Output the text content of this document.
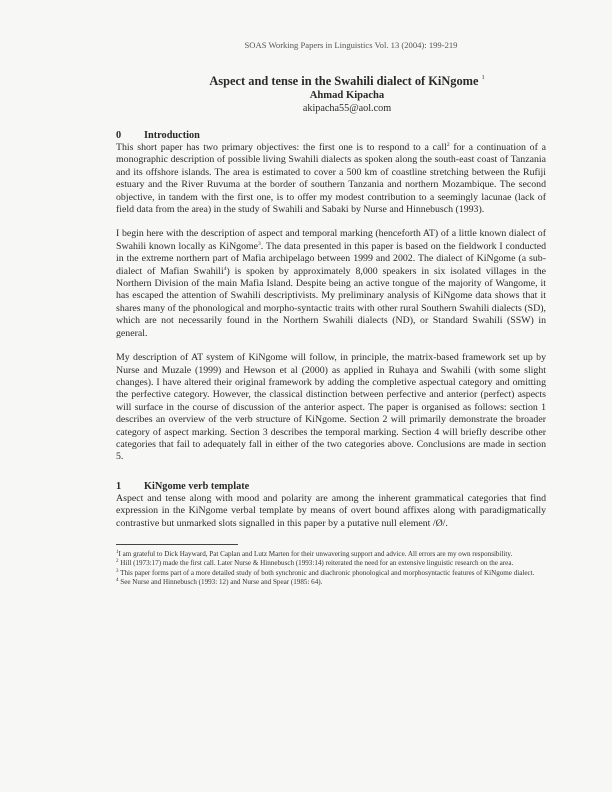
SOAS Working Papers in Linguistics Vol. 13 (2004): 199-219

Aspect and tense in the Swahili dialect of KiNgome $^1$

Ahmad Kipacha

akipacha55@aol.com

0	Introduction

This short paper has two primary objectives: the first one is to respond to a call$^2$ for a continuation of a monographic description of possible living Swahili dialects as spoken along the south-east coast of Tanzania and its offshore islands. The area is estimated to cover a 500 km of coastline stretching between the Rufiji estuary and the River Ruvuma at the border of southern Tanzania and northern Mozambique. The second objective, in tandem with the first one, is to offer my modest contribution to a seemingly lacunae (lack of field data from the area) in the study of Swahili and Sabaki by Nurse and Hinnebusch (1993).

I begin here with the description of aspect and temporal marking (henceforth AT) of a little known dialect of Swahili known locally as KiNgome$^3$. The data presented in this paper is based on the fieldwork I conducted in the extreme northern part of Mafia archipelago between 1999 and 2002. The dialect of KiNgome (a sub-dialect of Mafian Swahili$^4$) is spoken by approximately 8,000 speakers in six isolated villages in the Northern Division of the main Mafia Island. Despite being an active tongue of the majority of Wangome, it has escaped the attention of Swahili descriptivists. My preliminary analysis of KiNgome data shows that it shares many of the phonological and morpho-syntactic traits with other rural Southern Swahili dialects (SD), which are not necessarily found in the Northern Swahili dialects (ND), or Standard Swahili (SSW) in general.

My description of AT system of KiNgome will follow, in principle, the matrix-based framework set up by Nurse and Muzale (1999) and Hewson et al (2000) as applied in Ruhaya and Swahili (with some slight changes). I have altered their original framework by adding the completive aspectual category and omitting the perfective category. However, the classical distinction between perfective and anterior (perfect) aspects will surface in the course of discussion of the anterior aspect. The paper is organised as follows: section 1 describes an overview of the verb structure of KiNgome. Section 2 will primarily demonstrate the broader category of aspect marking. Section 3 describes the temporal marking. Section 4 will briefly describe other categories that fail to adequately fall in either of the two categories above. Conclusions are made in section 5.

1	KiNgome verb template

Aspect and tense along with mood and polarity are among the inherent grammatical categories that find expression in the KiNgome verbal template by means of overt bound affixes along with paradigmatically contrastive but unmarked slots signalled in this paper by a putative null element /Ø/.

$^1$I am grateful to Dick Hayward, Pat Caplan and Lutz Marten for their unwavering support and advice. All errors are my own responsibility.

$^2$ Hill (1973:17) made the first call. Later Nurse & Hinnebusch (1993:14) reiterated the need for an extensive linguistic research on the area.

$^3$ This paper forms part of a more detailed study of both synchronic and diachronic phonological and morphosyntactic features of KiNgome dialect.

$^4$ See Nurse and Hinnebusch (1993: 12) and Nurse and Spear (1985: 64).
